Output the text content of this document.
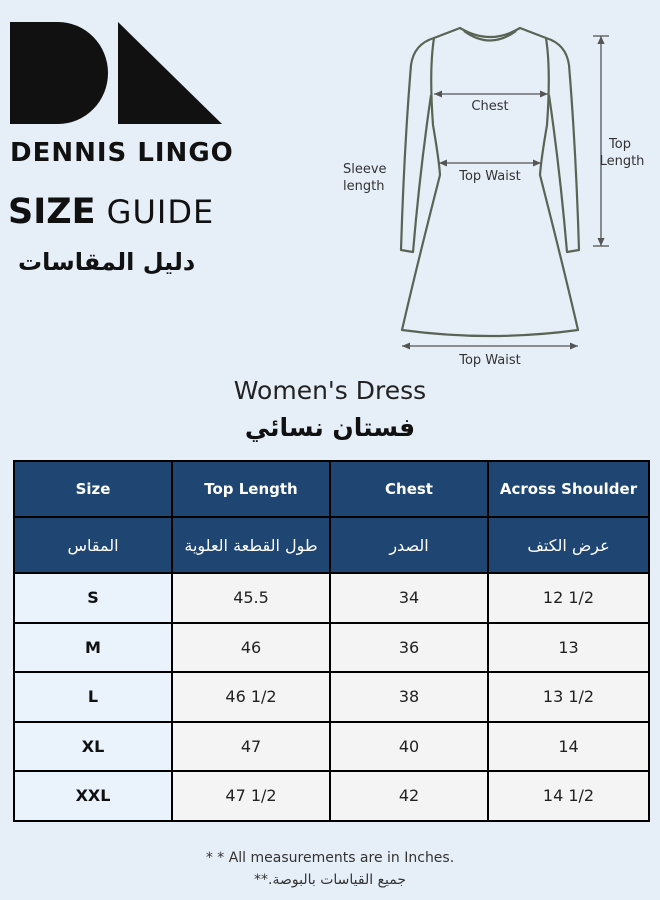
DENNIS LINGO
SIZE GUIDE
دليل المقاسات
Chest
Top Waist
Top Waist
Top
Length
Sleeve
length
Women's Dress
فستان نسائي
Size	Top Length	Chest	Across Shoulder
المقاس	طول القطعة العلوية	الصدر	عرض الكتف
S	45.5	34	12 1/2
M	46	36	13
L	46 1/2	38	13 1/2
XL	47	40	14
XXL	47 1/2	42	14 1/2
* * All measurements are in Inches.
جميع القياسات بالبوصة.**
